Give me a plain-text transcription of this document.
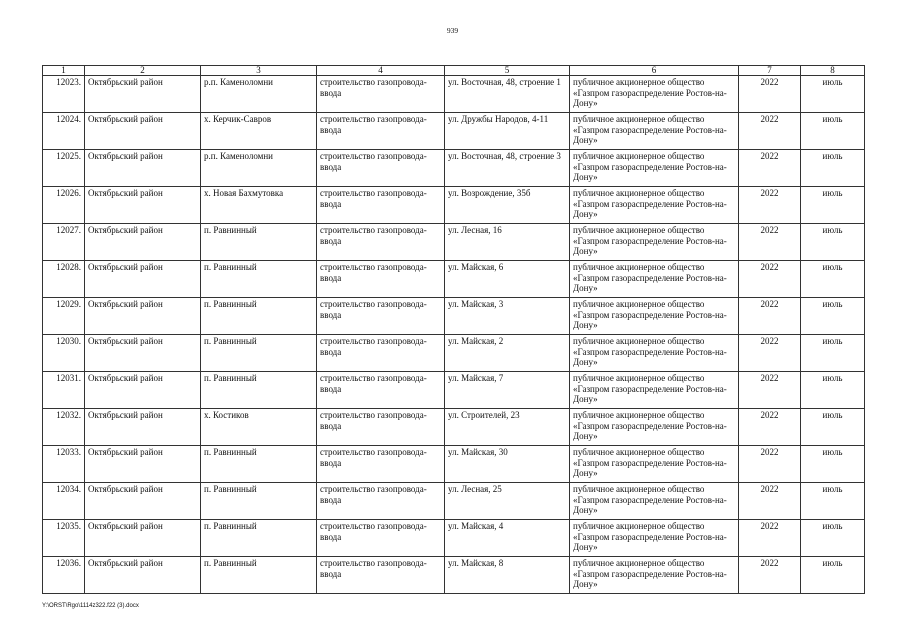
939
1	2	3	4	5	6	7	8
12023.	Октябрьский район	р.п. Каменоломни	строительство газопровода-ввода	ул. Восточная, 48, строение 1	публичное акционерное общество «Газпром газораспределение Ростов-на-Дону»	2022	июль
12024.	Октябрьский район	х. Керчик-Савров	строительство газопровода-ввода	ул. Дружбы Народов, 4-11	публичное акционерное общество «Газпром газораспределение Ростов-на-Дону»	2022	июль
12025.	Октябрьский район	р.п. Каменоломни	строительство газопровода-ввода	ул. Восточная, 48, строение 3	публичное акционерное общество «Газпром газораспределение Ростов-на-Дону»	2022	июль
12026.	Октябрьский район	х. Новая Бахмутовка	строительство газопровода-ввода	ул. Возрождение, 35б	публичное акционерное общество «Газпром газораспределение Ростов-на-Дону»	2022	июль
12027.	Октябрьский район	п. Равнинный	строительство газопровода-ввода	ул. Лесная, 16	публичное акционерное общество «Газпром газораспределение Ростов-на-Дону»	2022	июль
12028.	Октябрьский район	п. Равнинный	строительство газопровода-ввода	ул. Майская, 6	публичное акционерное общество «Газпром газораспределение Ростов-на-Дону»	2022	июль
12029.	Октябрьский район	п. Равнинный	строительство газопровода-ввода	ул. Майская, 3	публичное акционерное общество «Газпром газораспределение Ростов-на-Дону»	2022	июль
12030.	Октябрьский район	п. Равнинный	строительство газопровода-ввода	ул. Майская, 2	публичное акционерное общество «Газпром газораспределение Ростов-на-Дону»	2022	июль
12031.	Октябрьский район	п. Равнинный	строительство газопровода-ввода	ул. Майская, 7	публичное акционерное общество «Газпром газораспределение Ростов-на-Дону»	2022	июль
12032.	Октябрьский район	х. Костиков	строительство газопровода-ввода	ул. Строителей, 23	публичное акционерное общество «Газпром газораспределение Ростов-на-Дону»	2022	июль
12033.	Октябрьский район	п. Равнинный	строительство газопровода-ввода	ул. Майская, 30	публичное акционерное общество «Газпром газораспределение Ростов-на-Дону»	2022	июль
12034.	Октябрьский район	п. Равнинный	строительство газопровода-ввода	ул. Лесная, 25	публичное акционерное общество «Газпром газораспределение Ростов-на-Дону»	2022	июль
12035.	Октябрьский район	п. Равнинный	строительство газопровода-ввода	ул. Майская, 4	публичное акционерное общество «Газпром газораспределение Ростов-на-Дону»	2022	июль
12036.	Октябрьский район	п. Равнинный	строительство газопровода-ввода	ул. Майская, 8	публичное акционерное общество «Газпром газораспределение Ростов-на-Дону»	2022	июль
Y:\ORST\Rgo\1114z322.f22 (3).docx
